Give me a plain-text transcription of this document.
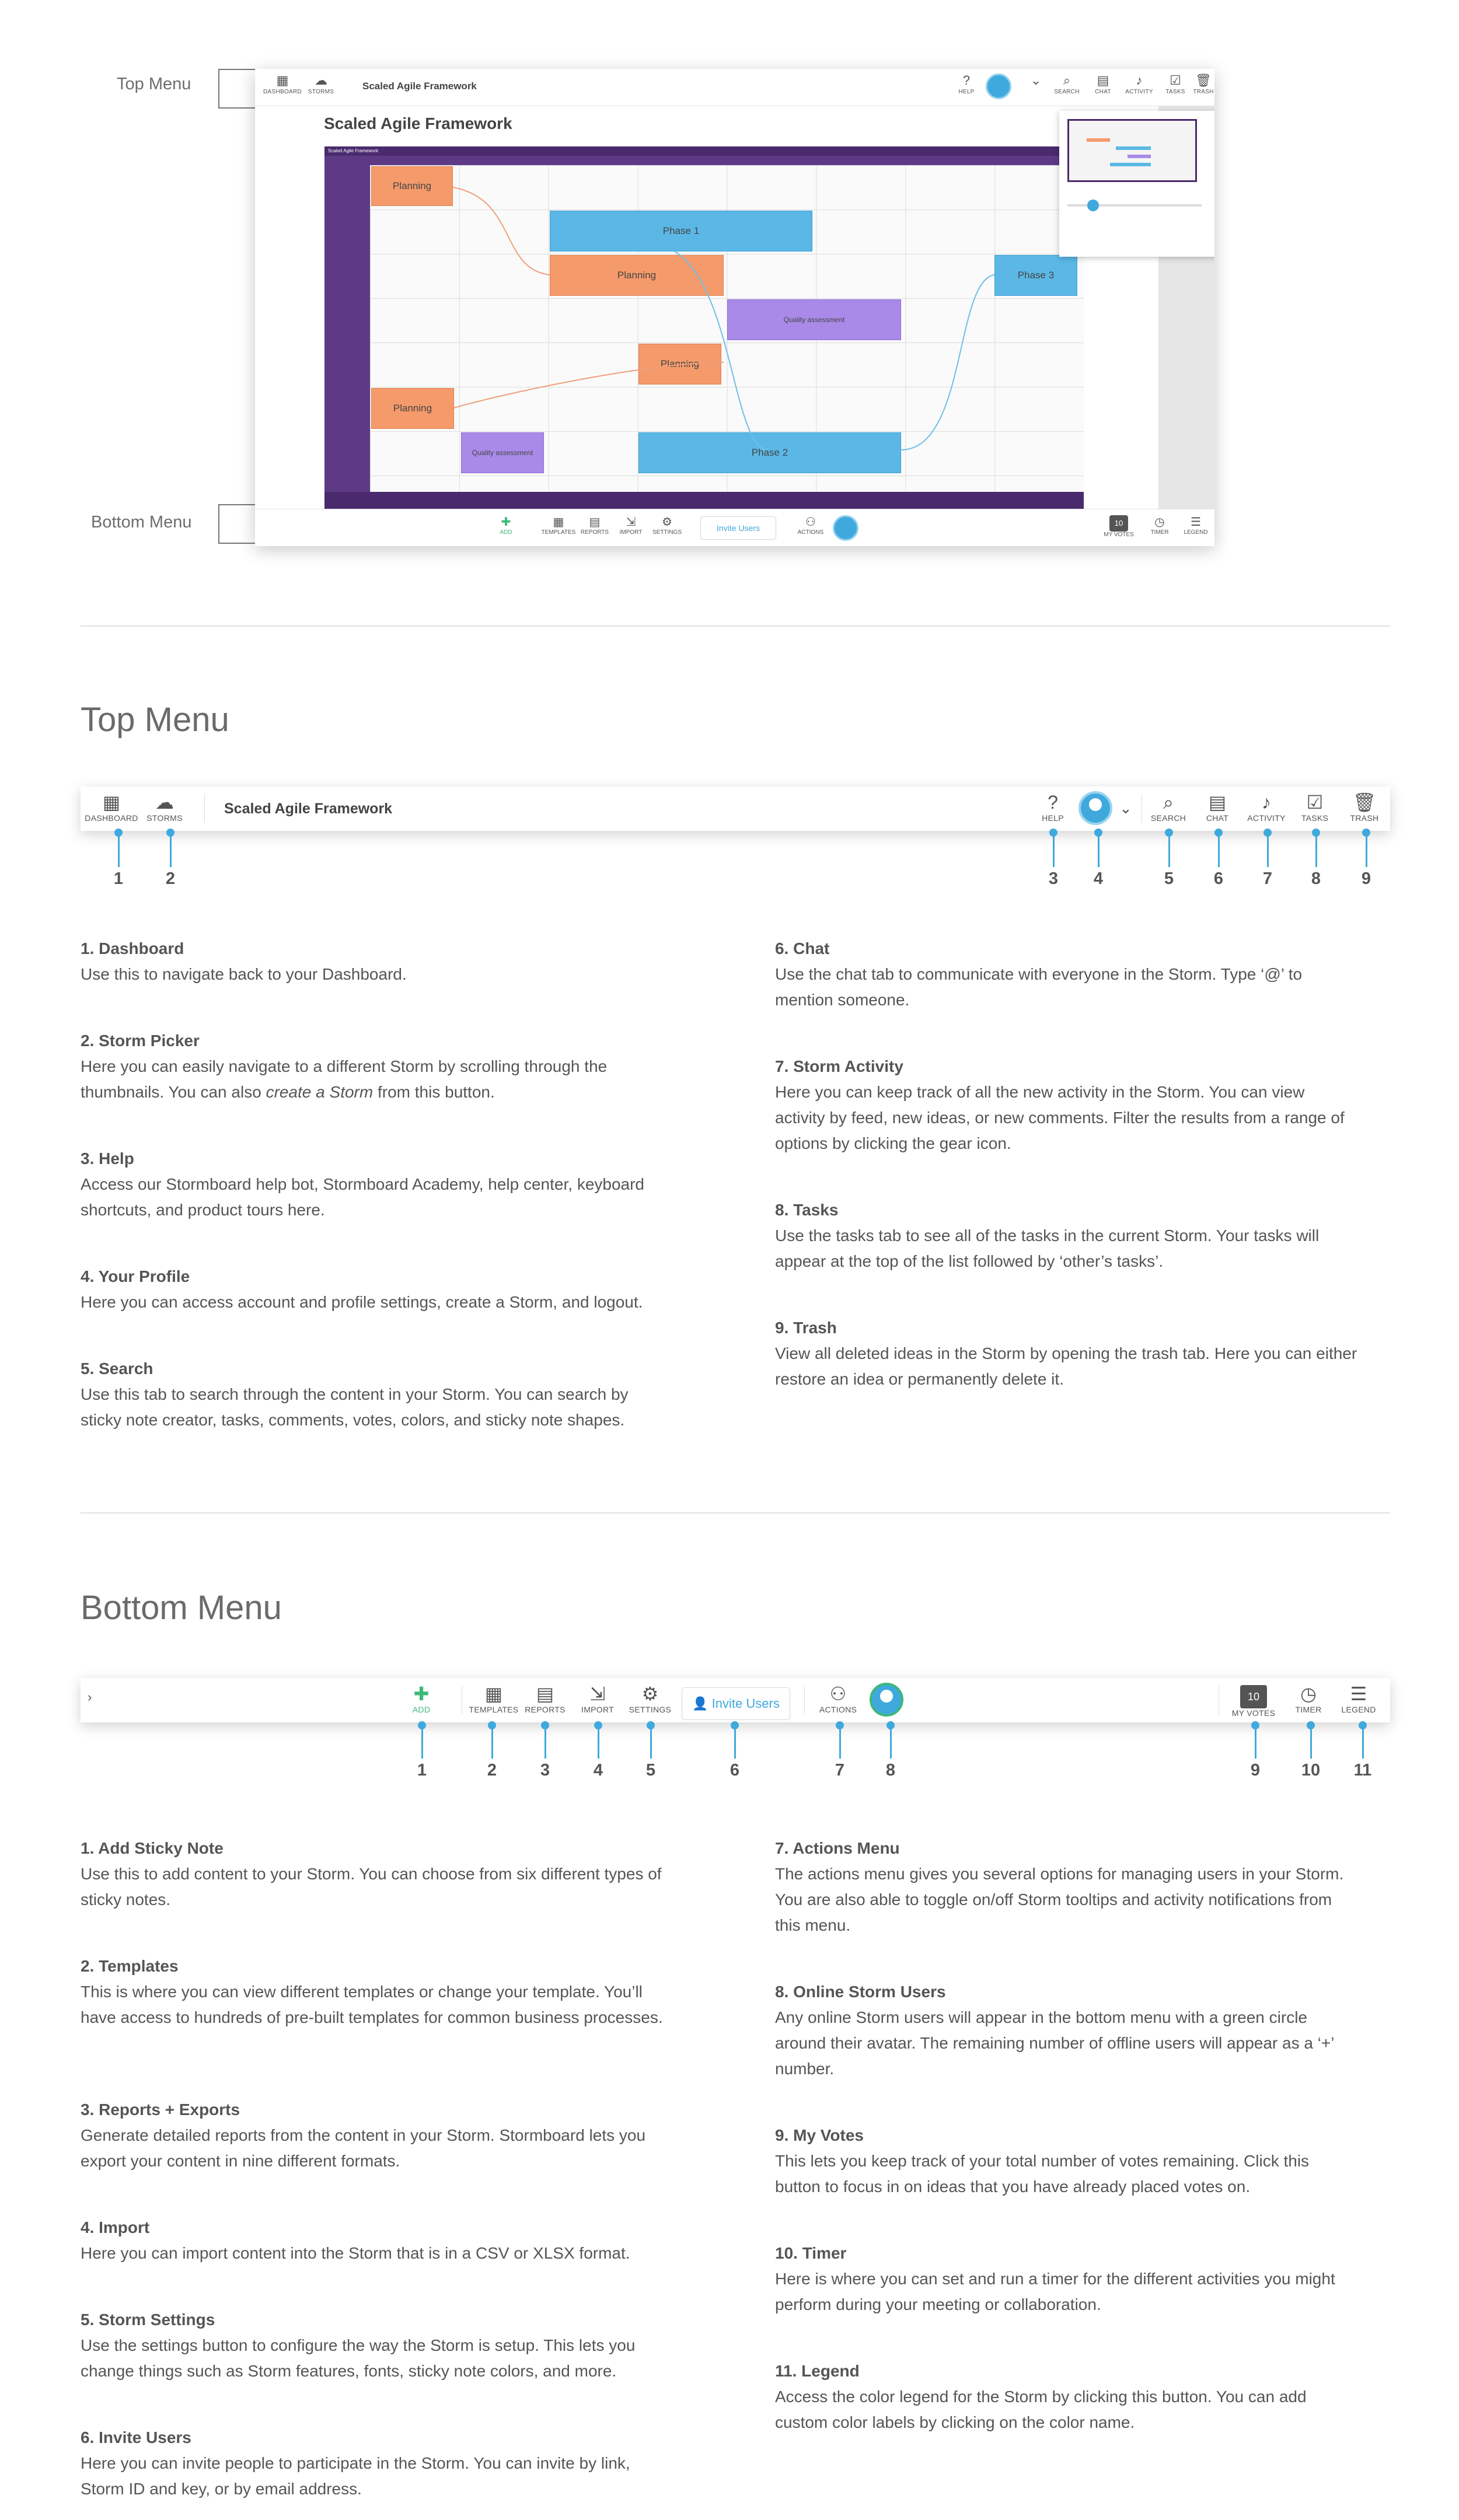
Top Menu
Bottom Menu
▦
DASHBOARD
☁
STORMS
Scaled Agile Framework	?
HELP
⌄	⌕
SEARCH
▤
CHAT
♪
ACTIVITY
☑
TASKS
🗑
TRASH
Scaled Agile Framework
Scaled Agile Framework
Planning
Phase 1
Planning	Phase 3
Quality assessment
Planning
Planning
Quality assessment	Phase 2
✚
ADD
▦
TEMPLATES
▤
REPORTS
⇲
IMPORT
⚙
SETTINGS	Invite Users	⚇
ACTIONS
10
MY VOTES
◷
TIMER
☰
LEGEND
Top Menu
▦
DASHBOARD
☁
STORMS
Scaled Agile Framework	?
HELP
⌄	⌕
SEARCH
▤
CHAT
♪
ACTIVITY
☑
TASKS
🗑
TRASH
1	2	3	4	5	6	7	8	9
1. Dashboard

Use this to navigate back to your Dashboard.

2. Storm Picker

Here you can easily navigate to a different Storm by scrolling through the thumbnails. You can also create a Storm from this button.

3. Help

Access our Stormboard help bot, Stormboard Academy, help center, keyboard shortcuts, and product tours here.

4. Your Profile

Here you can access account and profile settings, create a Storm, and logout.

5. Search

Use this tab to search through the content in your Storm. You can search by sticky note creator, tasks, comments, votes, colors, and sticky note shapes.

6. Chat

Use the chat tab to communicate with everyone in the Storm. Type ‘@’ to mention someone.

7. Storm Activity

Here you can keep track of all the new activity in the Storm. You can view activity by feed, new ideas, or new comments. Filter the results from a range of options by clicking the gear icon.

8. Tasks

Use the tasks tab to see all of the tasks in the current Storm. Your tasks will appear at the top of the list followed by ‘other’s tasks’.

9. Trash

View all deleted ideas in the Storm by opening the trash tab. Here you can either restore an idea or permanently delete it.

Bottom Menu
›	✚
ADD
▦
TEMPLATES
▤
REPORTS
⇲
IMPORT
⚙
SETTINGS	👤 Invite Users	⚇
ACTIONS
10
MY VOTES
◷
TIMER
☰
LEGEND
1	2	3	4	5	6	7	8	9	10	11
1. Add Sticky Note

Use this to add content to your Storm. You can choose from six different types of sticky notes.

2. Templates

This is where you can view different templates or change your template. You’ll have access to hundreds of pre-built templates for common business processes.

3. Reports + Exports

Generate detailed reports from the content in your Storm. Stormboard lets you export your content in nine different formats.

4. Import

Here you can import content into the Storm that is in a CSV or XLSX format.

5. Storm Settings

Use the settings button to configure the way the Storm is setup. This lets you change things such as Storm features, fonts, sticky note colors, and more.

6. Invite Users

Here you can invite people to participate in the Storm. You can invite by link, Storm ID and key, or by email address.

7. Actions Menu

The actions menu gives you several options for managing users in your Storm. You are also able to toggle on/off Storm tooltips and activity notifications from this menu.

8. Online Storm Users

Any online Storm users will appear in the bottom menu with a green circle around their avatar. The remaining number of offline users will appear as a ‘+’ number.

9. My Votes

This lets you keep track of your total number of votes remaining. Click this button to focus in on ideas that you have already placed votes on.

10. Timer

Here is where you can set and run a timer for the different activities you might perform during your meeting or collaboration.

11. Legend

Access the color legend for the Storm by clicking this button. You can add custom color labels by clicking on the color name.
